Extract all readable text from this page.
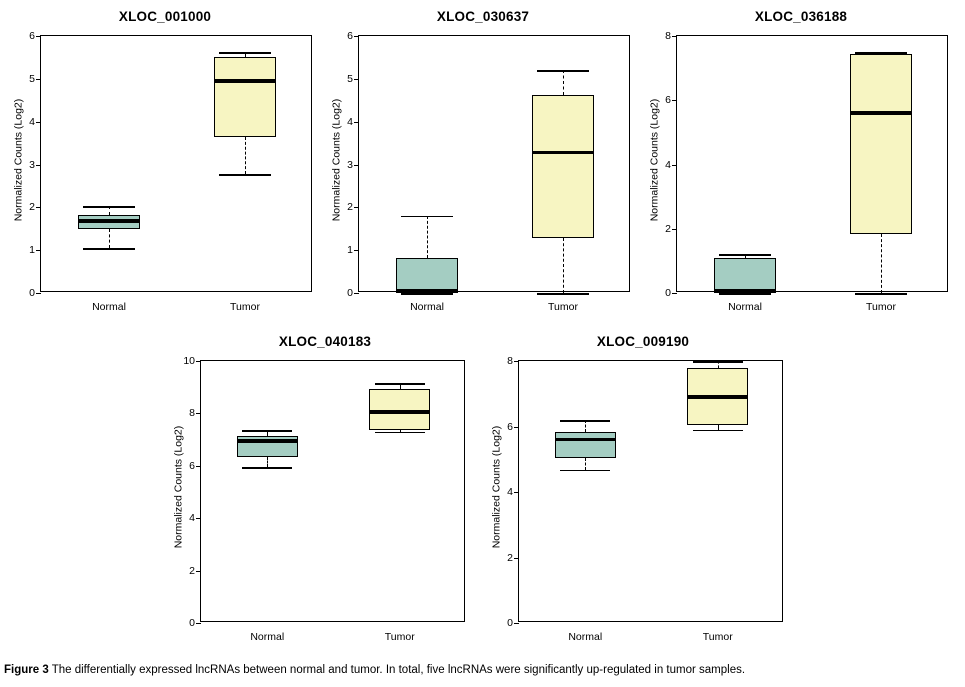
XLOC_001000
Normalized Counts (Log2)
0
1
2
3
4
5
6
Normal	Tumor
XLOC_030637
Normalized Counts (Log2)
0
1
2
3
4
5
6
Normal	Tumor
XLOC_036188
Normalized Counts (Log2)
0
2
4
6
8
Normal	Tumor
XLOC_040183
Normalized Counts (Log2)
0
2
4
6
8
10
Normal	Tumor
XLOC_009190
Normalized Counts (Log2)
0
2
4
6
8
Normal	Tumor
Figure 3 The differentially expressed lncRNAs between normal and tumor. In total, five lncRNAs were significantly up-regulated in tumor samples.
